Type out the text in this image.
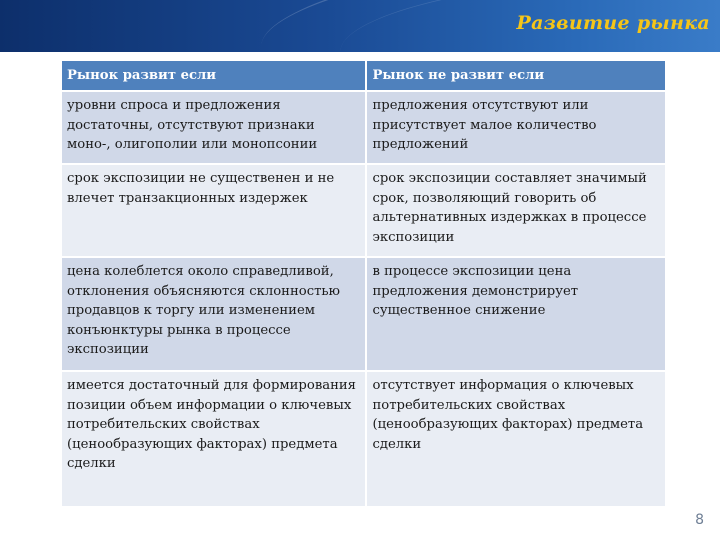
Развитие рынка
Рынок развит если	Рынок не развит если
уровни спроса и предложения достаточны, отсутствуют признаки моно-, олигополии или монопсонии	предложения отсутствуют или присутствует малое количество предложений
срок экспозиции не существенен и не влечет транзакционных издержек	срок экспозиции составляет значимый срок, позволяющий говорить об альтернативных издержках в процессе экспозиции
цена колеблется около справедливой, отклонения объясняются склонностью продавцов к торгу или изменением конъюнктуры рынка в процессе экспозиции	в процессе экспозиции цена предложения демонстрирует существенное снижение
имеется достаточный для формирования позиции объем информации о ключевых потребительских свойствах (ценообразующих факторах) предмета сделки	отсутствует информация о ключевых потребительских свойствах (ценообразующих факторах) предмета сделки
8
